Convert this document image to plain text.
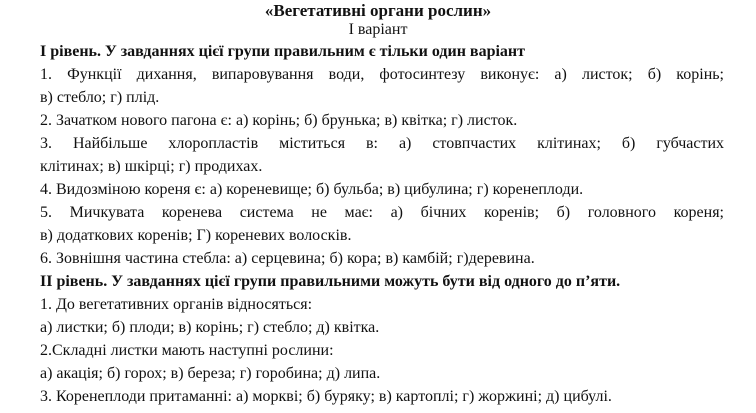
«Вегетативні органи рослин»
І варіант
І рівень. У завданнях цієї групи правильним є тільки один варіант
1. Функції дихання, випаровування води, фотосинтезу виконує: а) листок; б) корінь;
в) стебло; г) плід.
2. Зачатком нового пагона є: а) корінь; б) брунька; в) квітка; г) листок.
3. Найбільше хлоропластів міститься в: а) стовпчастих клітинах; б) губчастих
клітинах; в) шкірці; г) продихах.
4. Видозміною кореня є: а) кореневище; б) бульба; в) цибулина; г) коренеплоди.
5. Мичкувата коренева система не має: а) бічних коренів; б) головного кореня;
в) додаткових коренів; Г) кореневих волосків.
6. Зовнішня частина стебла: а) серцевина; б) кора; в) камбій; г)деревина.
ІІ рівень. У завданнях цієї групи правильними можуть бути від одного до п’яти.
1. До вегетативних органів відносяться:
а) листки; б) плоди; в) корінь; г) стебло; д) квітка.
2.Складні листки мають наступні рослини:
а) акація; б) горох; в) береза; г) горобина; д) липа.
3. Коренеплоди притаманні: а) моркві; б) буряку; в) картоплі; г) жоржині; д) цибулі.
